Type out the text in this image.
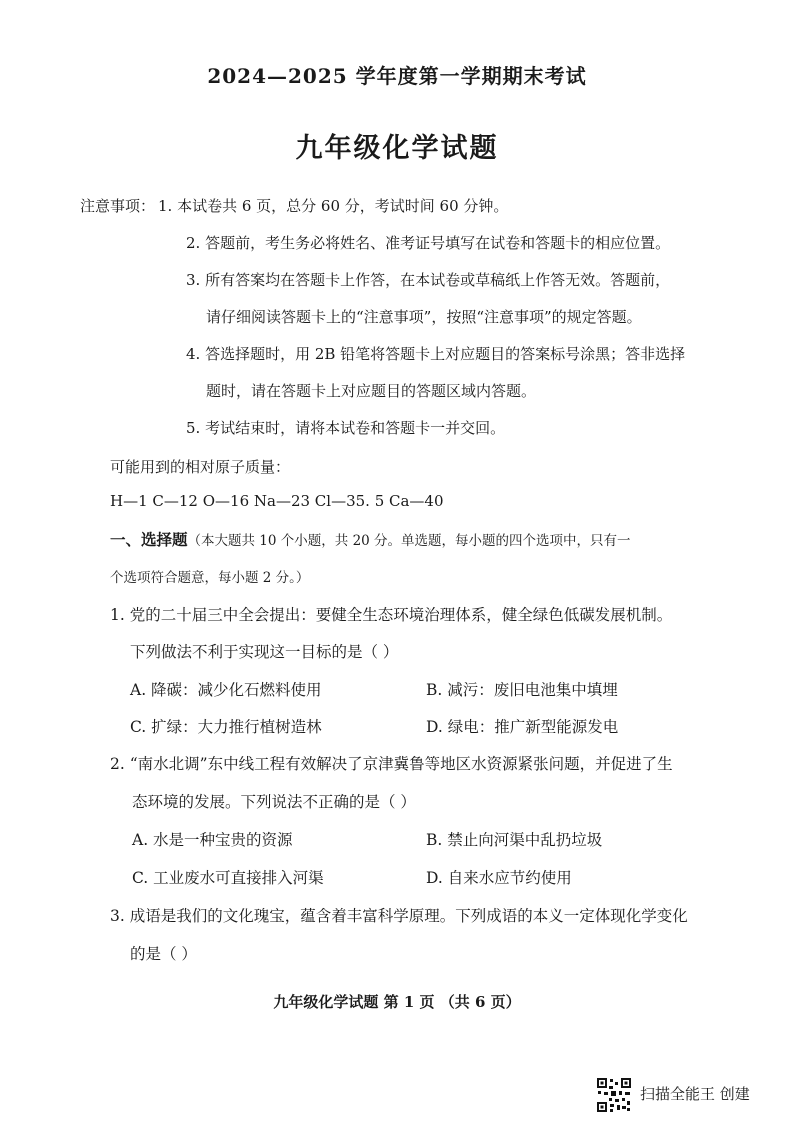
2024—2025 学年度第一学期期末考试
九年级化学试题
注意事项： 1. 本试卷共 6 页，总分 60 分，考试时间 60 分钟。
2. 答题前，考生务必将姓名、准考证号填写在试卷和答题卡的相应位置。
3. 所有答案均在答题卡上作答，在本试卷或草稿纸上作答无效。答题前，
请仔细阅读答题卡上的“注意事项”，按照“注意事项”的规定答题。
4. 答选择题时，用 2B 铅笔将答题卡上对应题目的答案标号涂黑；答非选择
题时，请在答题卡上对应题目的答题区域内答题。
5. 考试结束时，请将本试卷和答题卡一并交回。
可能用到的相对原子质量：
H—1 C—12 O—16 Na—23 Cl—35. 5 Ca—40
一、选择题（本大题共 10 个小题，共 20 分。单选题，每小题的四个选项中，只有一
个选项符合题意，每小题 2 分。）
1. 党的二十届三中全会提出：要健全生态环境治理体系，健全绿色低碳发展机制。
下列做法不利于实现这一目标的是（ ）
A. 降碳：减少化石燃料使用	B. 减污：废旧电池集中填埋
C. 扩绿：大力推行植树造林	D. 绿电：推广新型能源发电
2. “南水北调”东中线工程有效解决了京津冀鲁等地区水资源紧张问题，并促进了生
态环境的发展。下列说法不正确的是（ ）
A. 水是一种宝贵的资源	B. 禁止向河渠中乱扔垃圾
C. 工业废水可直接排入河渠	D. 自来水应节约使用
3. 成语是我们的文化瑰宝，蕴含着丰富科学原理。下列成语的本义一定体现化学变化
的是（ ）
九年级化学试题 第 1 页 （共 6 页）
扫描全能王 创建
